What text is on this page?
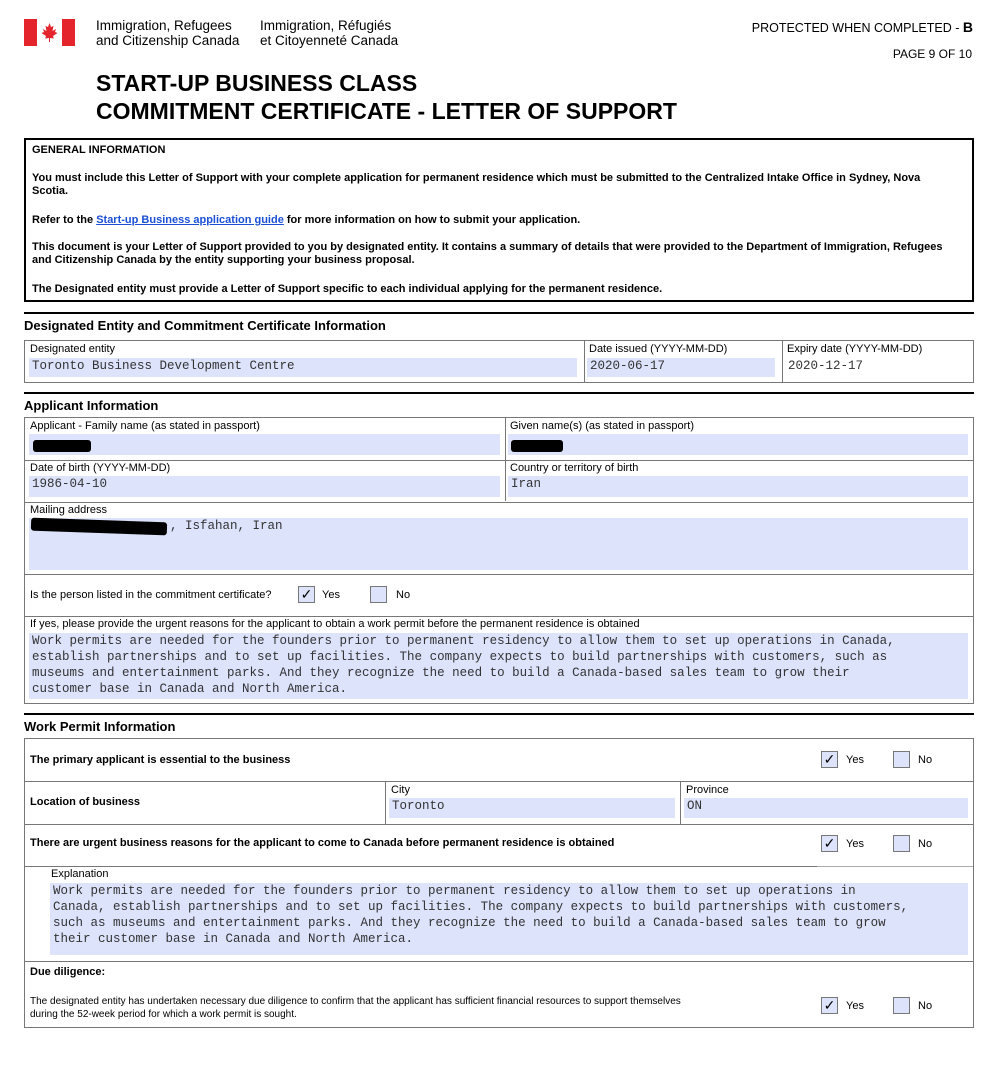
Immigration, Refugees
and Citizenship Canada
Immigration, Réfugiés
et Citoyenneté Canada
PROTECTED WHEN COMPLETED - B
PAGE 9 OF 10
START-UP BUSINESS CLASS
COMMITMENT CERTIFICATE - LETTER OF SUPPORT

GENERAL INFORMATION

You must include this Letter of Support with your complete application for permanent residence which must be submitted to the Centralized Intake Office in Sydney, Nova Scotia.

Refer to the Start-up Business application guide for more information on how to submit your application.

This document is your Letter of Support provided to you by designated entity. It contains a summary of details that were provided to the Department of Immigration, Refugees and Citizenship Canada by the entity supporting your business proposal.

The Designated entity must provide a Letter of Support specific to each individual applying for the permanent residence.

Designated Entity and Commitment Certificate Information
Designated entity
Toronto Business Development Centre
Date issued (YYYY-MM-DD)
2020-06-17
Expiry date (YYYY-MM-DD)
2020-12-17
Applicant Information
Applicant - Family name (as stated in passport)	Given name(s) (as stated in passport)
Date of birth (YYYY-MM-DD)
1986-04-10
Country or territory of birth
Iran
Mailing address
, Isfahan, Iran
Is the person listed in the commitment certificate? ✓ Yes	No
If yes, please provide the urgent reasons for the applicant to obtain a work permit before the permanent residence is obtained
Work permits are needed for the founders prior to permanent residency to allow them to set up operations in Canada,
establish partnerships and to set up facilities. The company expects to build partnerships with customers, such as
museums and entertainment parks. And they recognize the need to build a Canada-based sales team to grow their
customer base in Canada and North America.
Work Permit Information
The primary applicant is essential to the business	✓ Yes	No
Location of business
City
Toronto
Province
ON
There are urgent business reasons for the applicant to come to Canada before permanent residence is obtained	✓ Yes	No
Explanation
Work permits are needed for the founders prior to permanent residency to allow them to set up operations in
Canada, establish partnerships and to set up facilities. The company expects to build partnerships with customers,
such as museums and entertainment parks. And they recognize the need to build a Canada-based sales team to grow
their customer base in Canada and North America.
Due diligence:
The designated entity has undertaken necessary due diligence to confirm that the applicant has sufficient financial resources to support themselves
during the 52-week period for which a work permit is sought.
✓ Yes	No
